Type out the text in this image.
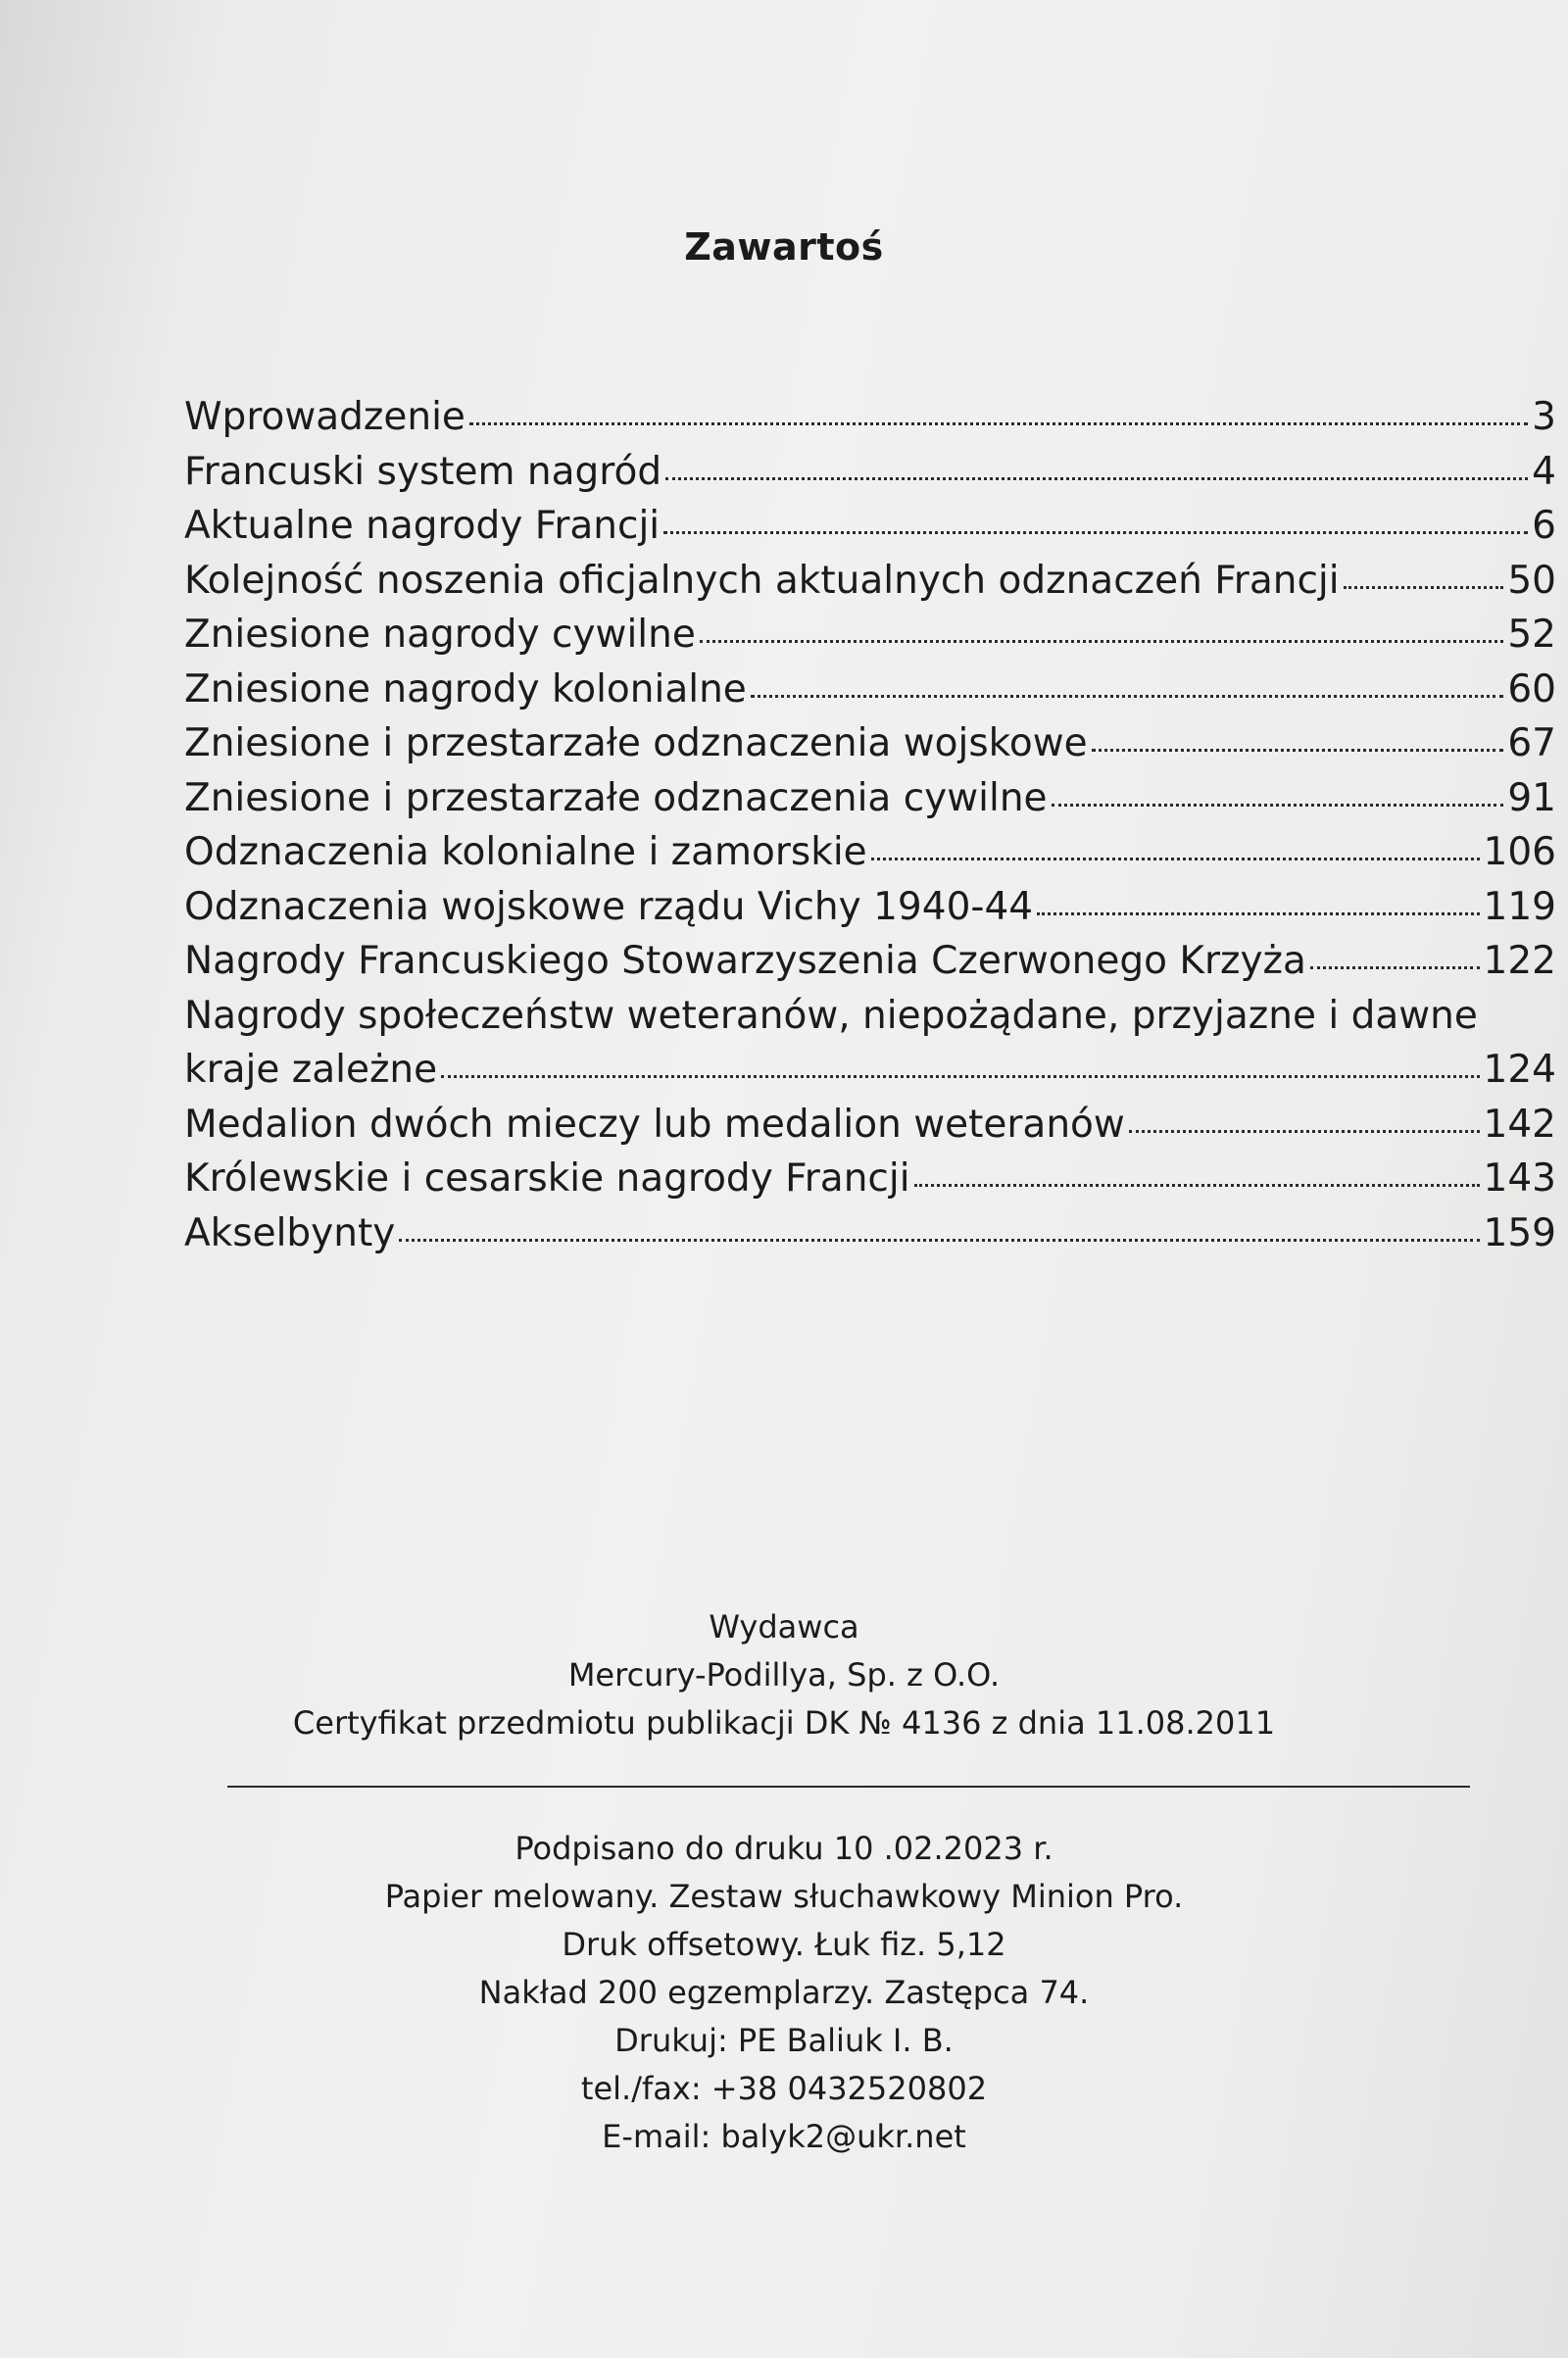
Zawartoś
Wprowadzenie	3
Francuski system nagród	4
Aktualne nagrody Francji	6
Kolejność noszenia oficjalnych aktualnych odznaczeń Francji	50
Zniesione nagrody cywilne	52
Zniesione nagrody kolonialne	60
Zniesione i przestarzałe odznaczenia wojskowe	67
Zniesione i przestarzałe odznaczenia cywilne	91
Odznaczenia kolonialne i zamorskie	106
Odznaczenia wojskowe rządu Vichy 1940-44	119
Nagrody Francuskiego Stowarzyszenia Czerwonego Krzyża	122
Nagrody społeczeństw weteranów, niepożądane, przyjazne i dawne
kraje zależne	124
Medalion dwóch mieczy lub medalion weteranów	142
Królewskie i cesarskie nagrody Francji	143
Akselbynty	159
Wydawca
Mercury-Podillya, Sp. z O.O.
Certyfikat przedmiotu publikacji DK № 4136 z dnia 11.08.2011
Podpisano do druku 10 .02.2023 r.
Papier melowany. Zestaw słuchawkowy Minion Pro.
Druk offsetowy. Łuk fiz. 5,12
Nakład 200 egzemplarzy. Zastępca 74.
Drukuj: PE Baliuk I. B.
tel./fax: +38 0432520802
E-mail: balyk2@ukr.net
